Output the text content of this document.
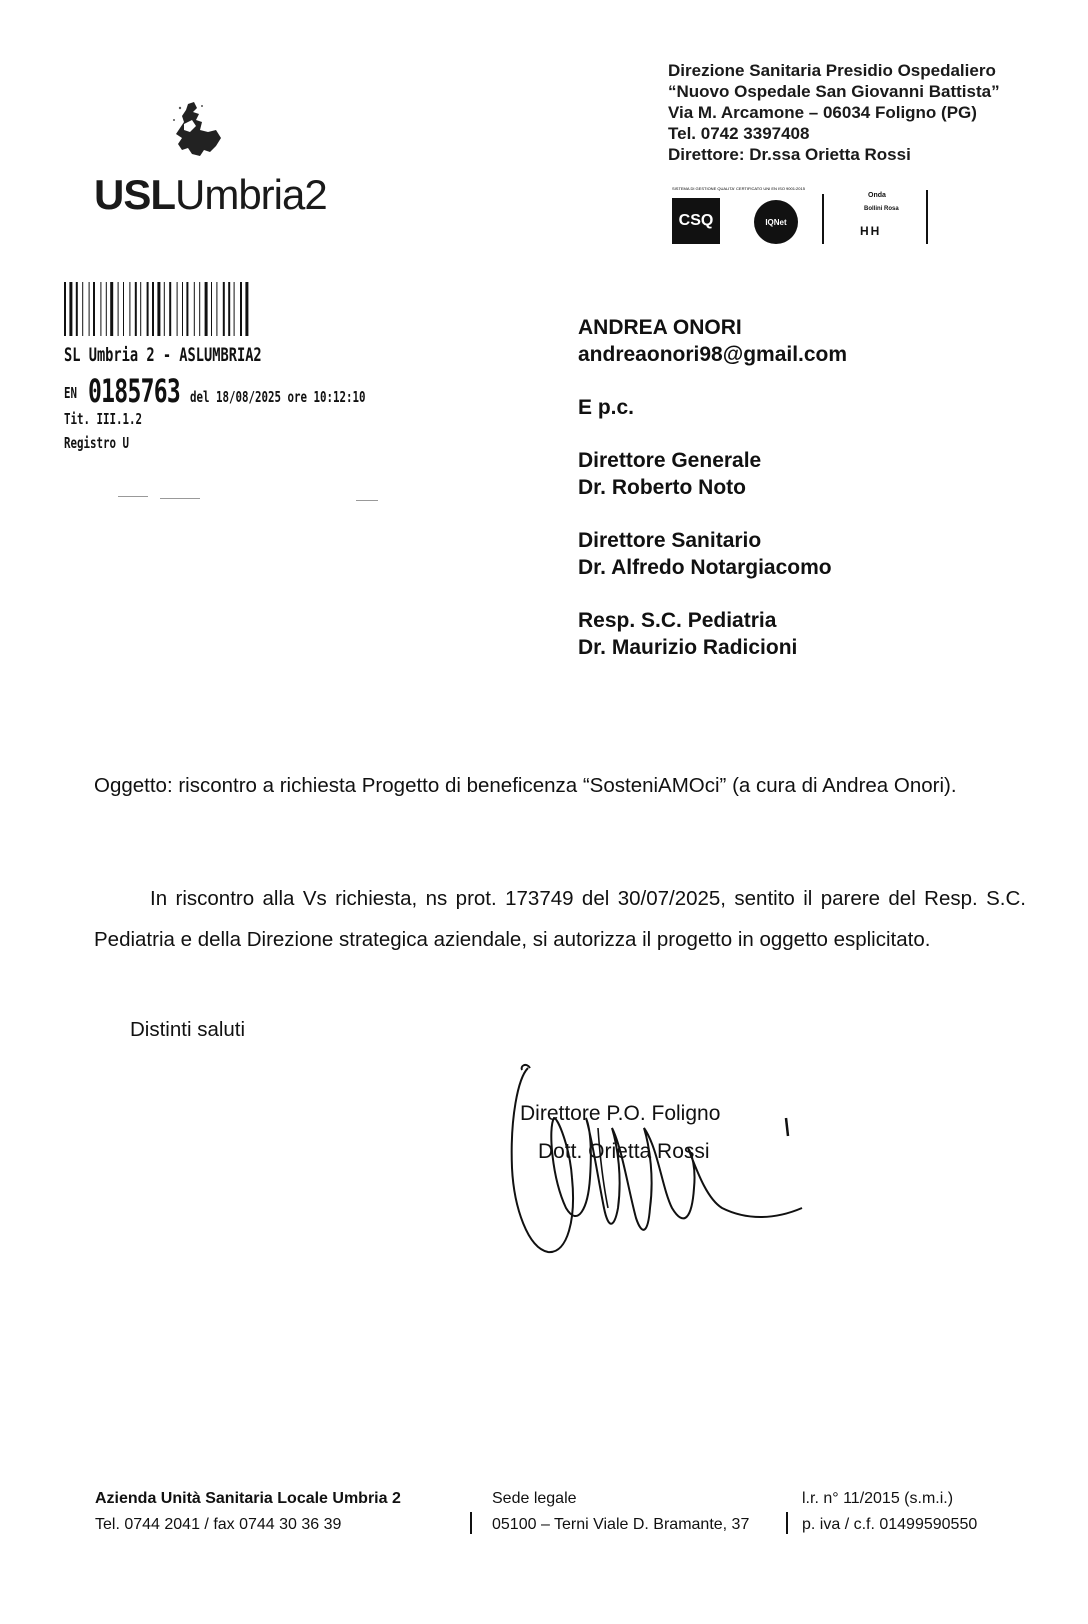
USLUmbria2
Direzione Sanitaria Presidio Ospedaliero
“Nuovo Ospedale San Giovanni Battista”
Via M. Arcamone – 06034 Foligno (PG)
Tel. 0742 3397408
Direttore: Dr.ssa Orietta Rossi
SISTEMA DI GESTIONE QUALITA' CERTIFICATO UNI EN ISO 9001:2015
CSQ	IQNet
Onda
Bollini Rosa
HH
SL Umbria 2 - ASLUMBRIA2
EN 0185763 del 18/08/2025 ore 10:12:10
Tit. III.1.2
Registro U
ANDREA ONORI
andreaonori98@gmail.com
E p.c.
Direttore Generale
Dr. Roberto Noto
Direttore Sanitario
Dr. Alfredo Notargiacomo
Resp. S.C. Pediatria
Dr. Maurizio Radicioni
Oggetto: riscontro a richiesta Progetto di beneficenza “SosteniAMOci” (a cura di Andrea Onori).
In riscontro alla Vs richiesta, ns prot. 173749 del 30/07/2025, sentito il parere del Resp. S.C. Pediatria e della Direzione strategica aziendale, si autorizza il progetto in oggetto esplicitato.
Distinti saluti
Direttore P.O. Foligno
Dott. Orietta Rossi
Azienda Unità Sanitaria Locale Umbria 2
Tel. 0744 2041 / fax 0744 30 36 39
Sede legale
05100 – Terni Viale D. Bramante, 37
l.r. n° 11/2015 (s.m.i.)
p. iva / c.f. 01499590550
